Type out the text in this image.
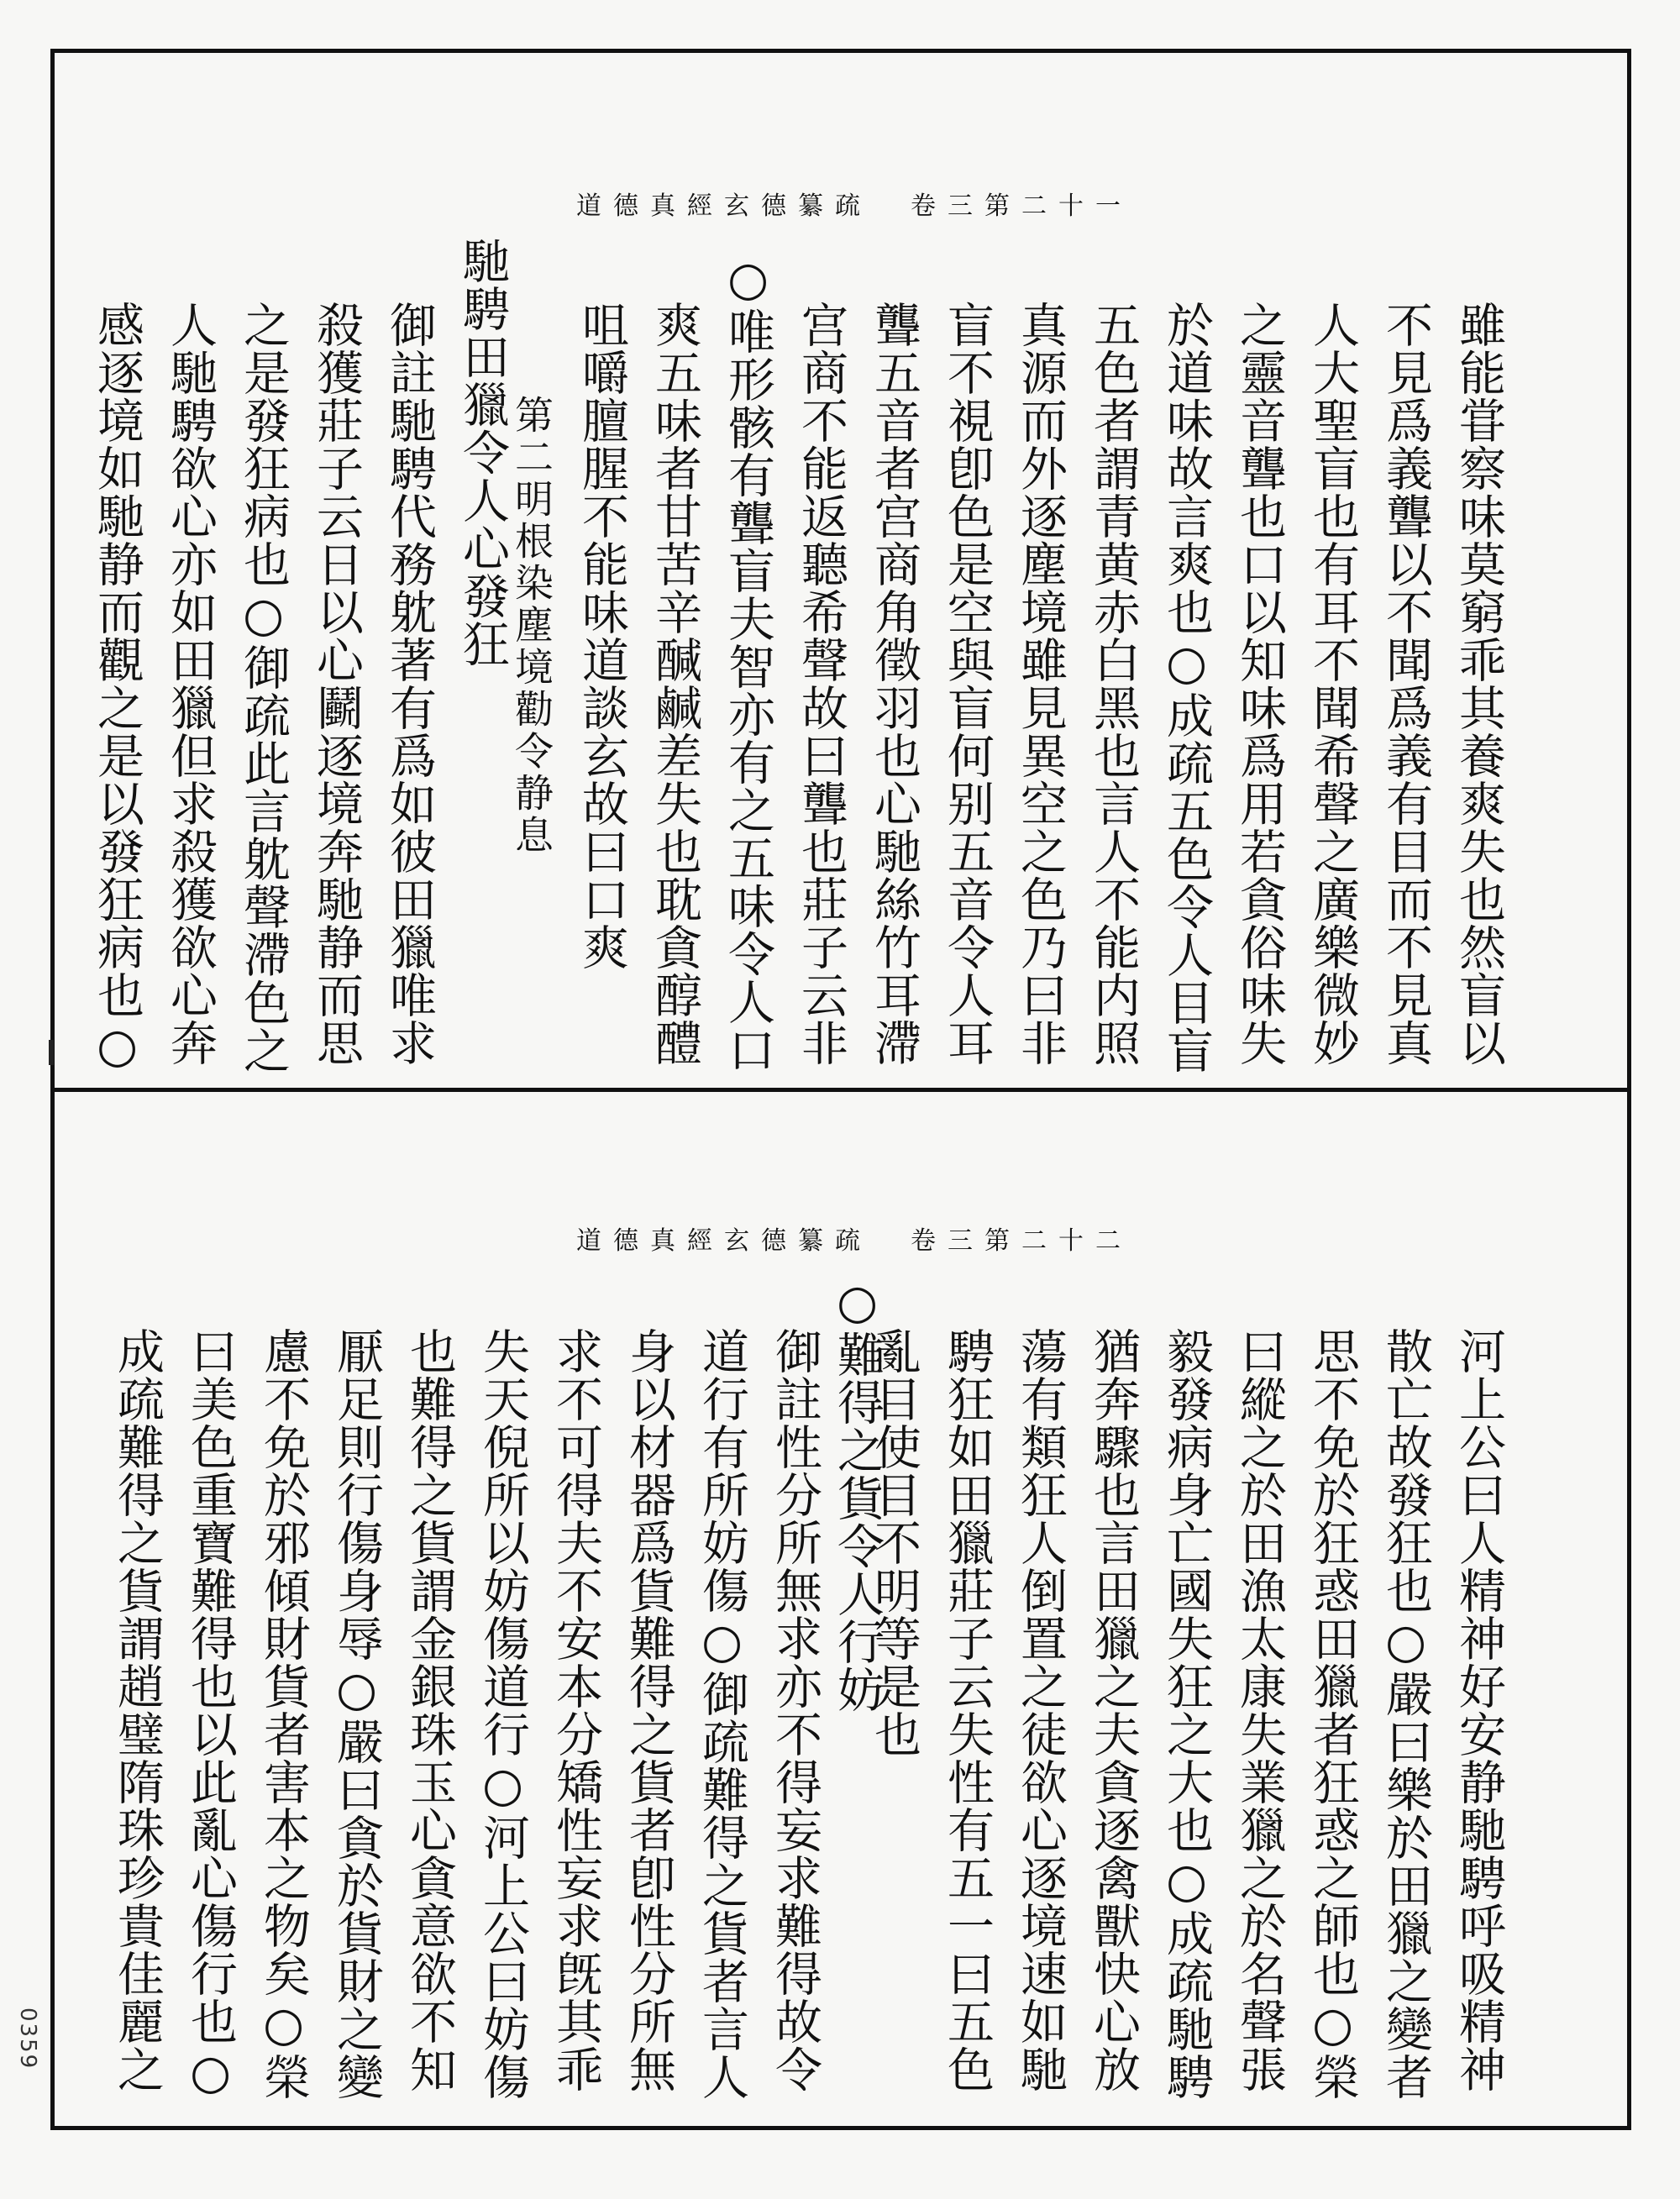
道德真經玄德纂疏 卷三第二十一
道德真經玄德纂疏 卷三第二十二
雖能甞察味莫窮乖其養爽失也然盲以
不見爲義聾以不聞爲義有目而不見真
人大聖盲也有耳不聞希聲之廣樂微妙
之靈音聾也口以知味爲用若貪俗味失
於道味故言爽也○成疏五色令人目盲
五色者謂青黄赤白黑也言人不能内照
真源而外逐塵境雖見異空之色乃曰非
盲不視卽色是空與盲何别五音令人耳
聾五音者宫商角徵羽也心馳絲竹耳滯
宫商不能返聽希聲故曰聾也莊子云非
○唯形骸有聾盲夫智亦有之五味令人口
爽五味者甘苦辛醎鹹差失也耽貪醇醴
咀嚼膻腥不能味道談玄故曰口爽
第二明根染塵境勸令静息
馳騁田獵令人心發狂
御註馳騁代務躭著有爲如彼田獵唯求
殺獲莊子云日以心鬬逐境奔馳静而思
之是發狂病也○御疏此言躭聲滯色之
人馳騁欲心亦如田獵但求殺獲欲心奔
感逐境如馳静而觀之是以發狂病也○
河上公曰人精神好安静馳騁呼吸精神
散亡故發狂也○嚴曰樂於田獵之變者
思不免於狂惑田獵者狂惑之師也○榮
曰縱之於田漁太康失業獵之於名聲張
毅發病身亡國失狂之大也○成疏馳騁
猶奔驟也言田獵之夫貪逐禽獸快心放
蕩有類狂人倒置之徒欲心逐境速如馳
騁狂如田獵莊子云失性有五一曰五色
亂目使目不明等是也
○難得之貨令人行妨
御註性分所無求亦不得妄求難得故令
道行有所妨傷○御疏難得之貨者言人
身以材器爲貨難得之貨者卽性分所無
求不可得夫不安本分矯性妄求旣其乖
失天倪所以妨傷道行○河上公曰妨傷
也難得之貨謂金銀珠玉心貪意欲不知
厭足則行傷身辱○嚴曰貪於貨財之變
慮不免於邪傾財貨者害本之物矣○榮
曰美色重寶難得也以此亂心傷行也○
成疏難得之貨謂趙璧隋珠珍貴佳麗之
0359
